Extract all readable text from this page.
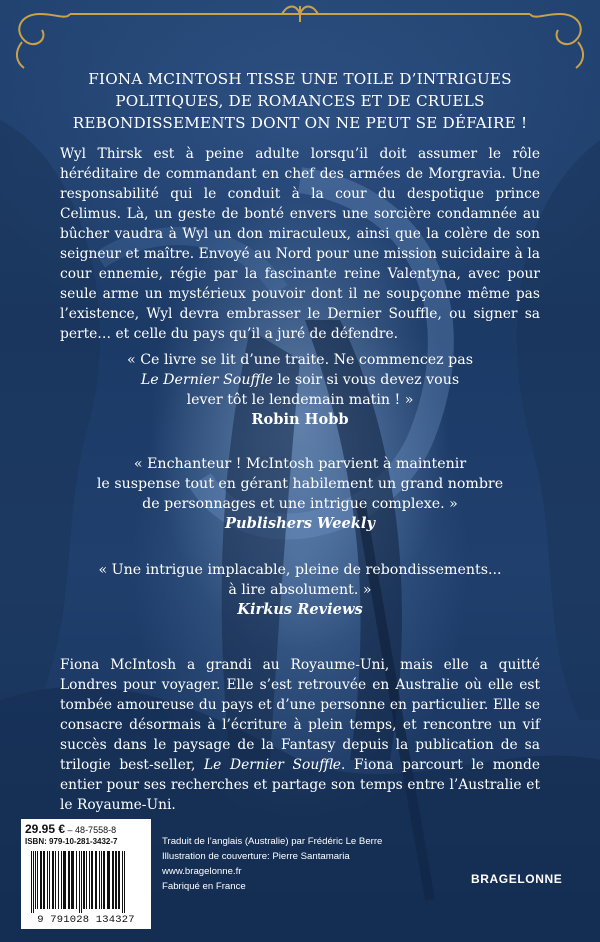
FIONA MCINTOSH TISSE UNE TOILE D’INTRIGUES
POLITIQUES, DE ROMANCES ET DE CRUELS
REBONDISSEMENTS DONT ON NE PEUT SE DÉFAIRE !
Wyl Thirsk est à peine adulte lorsqu’il doit assumer le rôle héréditaire de commandant en chef des armées de Morgravia. Une responsabilité qui le conduit à la cour du despotique prince Celimus. Là, un geste de bonté envers une sorcière condamnée au bûcher vaudra à Wyl un don miraculeux, ainsi que la colère de son seigneur et maître. Envoyé au Nord pour une mission suicidaire à la cour ennemie, régie par la fascinante reine Valentyna, avec pour seule arme un mystérieux pouvoir dont il ne soupçonne même pas l’existence, Wyl devra embrasser le Dernier Souffle, ou signer sa perte… et celle du pays qu’il a juré de défendre.
« Ce livre se lit d’une traite. Ne commencez pas
Le Dernier Souffle le soir si vous devez vous
lever tôt le lendemain matin ! »
Robin Hobb
« Enchanteur ! McIntosh parvient à maintenir
le suspense tout en gérant habilement un grand nombre
de personnages et une intrigue complexe. »
Publishers Weekly
« Une intrigue implacable, pleine de rebondissements...
à lire absolument. »
Kirkus Reviews
Fiona McIntosh a grandi au Royaume-Uni, mais elle a quitté Londres pour voyager. Elle s’est retrouvée en Australie où elle est tombée amoureuse du pays et d’une personne en particulier. Elle se consacre désormais à l’écriture à plein temps, et rencontre un vif succès dans le paysage de la Fantasy depuis la publication de sa trilogie best-seller, Le Dernier Souffle. Fiona parcourt le monde entier pour ses recherches et partage son temps entre l’Australie et le Royaume-Uni.
29.95 € – 48-7558-8
ISBN: 979-10-281-3432-7
9 791028 134327
Traduit de l’anglais (Australie) par Frédéric Le Berre
Illustration de couverture: Pierre Santamaria
www.bragelonne.fr
Fabriqué en France
BRAGELONNE
